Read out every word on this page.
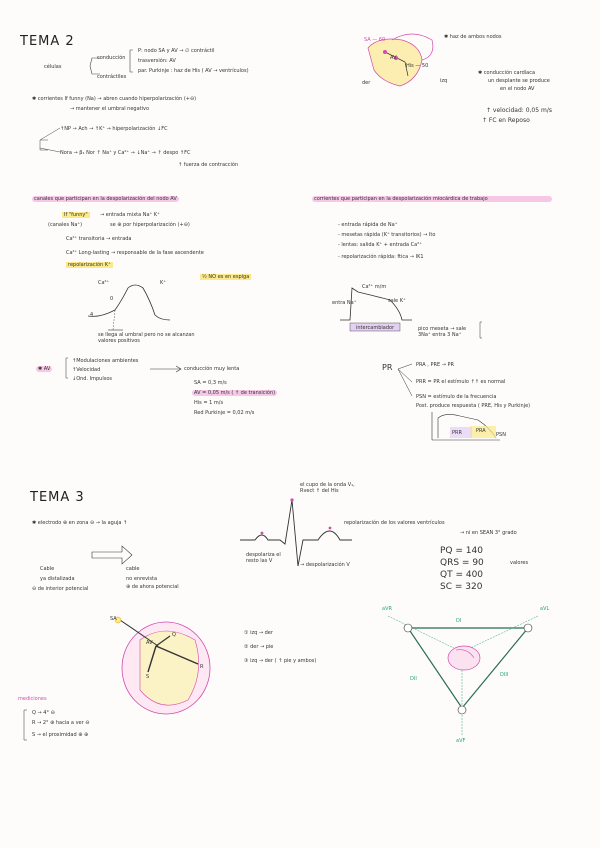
TEMA 2
células
conducción
contráctiles
P: nodo SA y AV → ∅ contráctil
trasversión: AV
par. Purkinje : haz de His ( AV → ventrículos)
✱ corrientes If funny (Na) → abren cuando hiperpolarización (+⊖)
→ mantener el umbral negativo
↑NP → Ach → ↑K⁺ → hiperpolarización ↓FC
Nora → β₁ Nor ↑ Na⁺ y Ca²⁺ → ↓Na⁺ → ↑ despo ↑FC
↑ fuerza de contracción
SA — 60
AV
His — 50
✱ haz de ambos nodos
izq
der
✱ conducción cardíaca
un desplante se produce
en el nodo AV
↑ velocidad: 0,05 m/s
↑ FC en Reposo
canales que participan en la despolarización del nodo AV
If "funny"	→ entrada mixta Na⁺ K⁺
(canales Na⁺)	se ⊕ por hiperpolarización (+⊖)
Ca²⁺ transitoria → entrada
Ca²⁺ Long-lasting → responsable de la fase ascendente
repolarización K⁺
½ NO es en espiga
Ca²⁺	K⁺
0
4
se llega al umbral pero no se alcanzan valores positivos
corrientes que participan en la despolarización miocárdica de trabajo
- entrada rápida de Na⁺
- mesetas rápida (K⁺ transitorios) → Ito
- lentas: salida K⁺ + entrada Ca²⁺
- repolarización rápida: ftica → IK1
Ca²⁺ m/m
sale K⁺
entra Na⁺
intercambiador	pico meseta → sale 3Na⁺ entra 3 Na⁺
✱ AV
↑Modulaciones ambientes
↑Velocidad
↓Ond. Impulsos
conducción muy lenta
SA = 0,3 m/s
AV = 0,05 m/s ( ↑ de transición)
His = 1 m/s
Red Purkinje = 0,02 m/s
PR	PRA , PRE → PR
PRR = PR el estímulo ↑↑ es normal
PSN = estímulo de la frecuencia
Post. produce respuesta ( PRE, His y Purkinje)
PRA
PRR	PSN
TEMA 3
✱ electrodo ⊕ en zona ⊖ → la aguja ↑
Cable
ya distalizada
⊖ de interior potencial
cable
no enrevista
⊕ de ahora potencial
el cupo de la onda V₁, Rvect ↑ del His
despolariza el resto las V
→ despolarización V
repolarización de los valores ventrículos
→ ni en SEAN 3° grado
PQ = 140
QRS = 90
QT = 400
SC = 320
valores
SA
AV
Q
R
S
mediciones
Q → 4° ⊖
R → 2° ⊕ hacia a ver ⊖
S → el proximidad ⊕ ⊕
① izq → der
② der → pie
③ izq → der ( ↑ pie y ambos)
aVR	aVL
aVF
DI
DII
DIII
